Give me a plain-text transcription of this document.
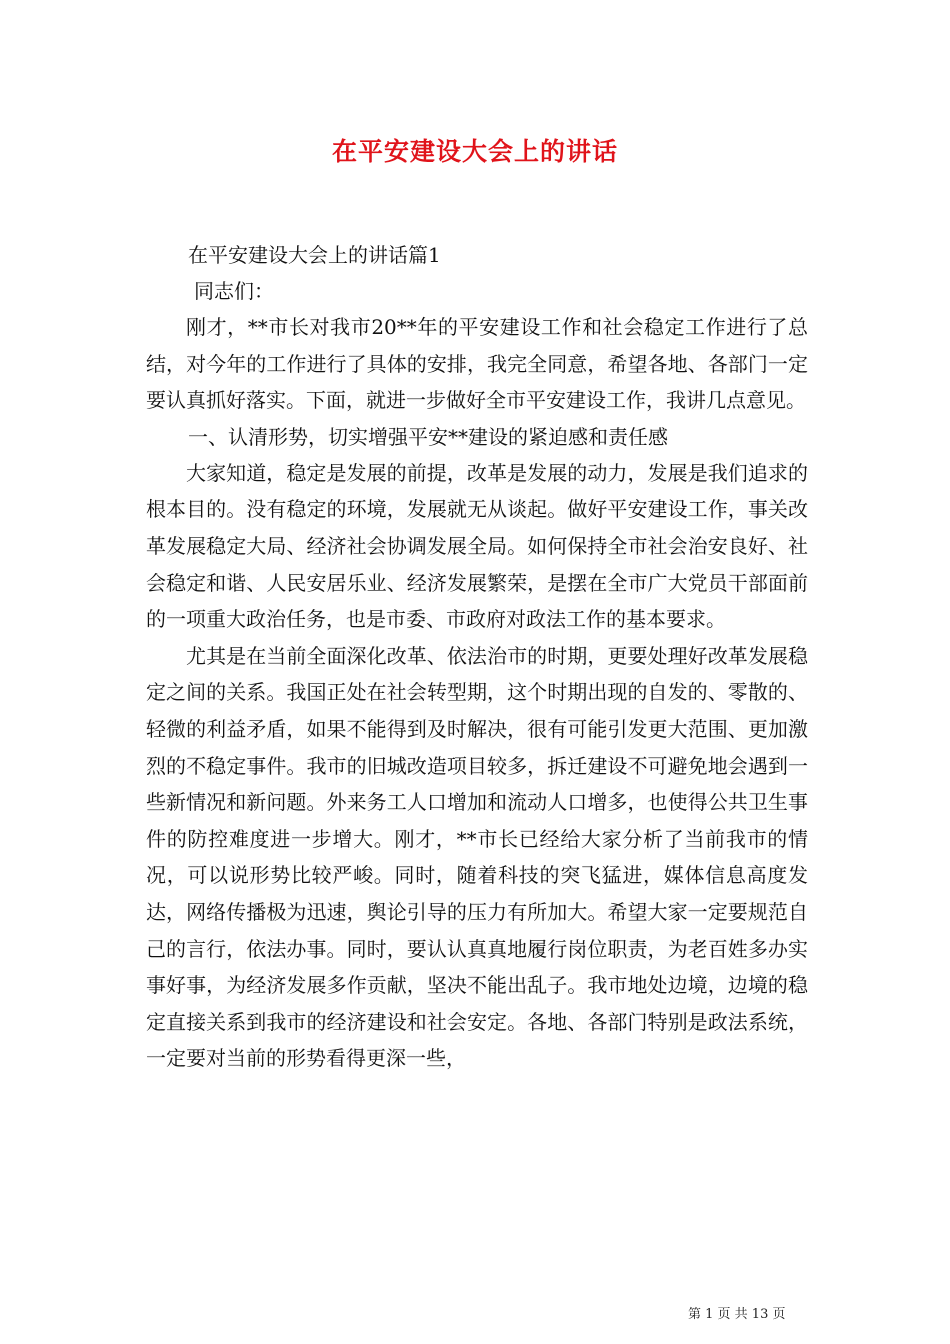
在平安建设大会上的讲话

在平安建设大会上的讲话篇1

同志们：

刚才，**市长对我市20**年的平安建设工作和社会稳定工作进行了总结，对今年的工作进行了具体的安排，我完全同意，希望各地、各部门一定要认真抓好落实。下面，就进一步做好全市平安建设工作，我讲几点意见。

一、认清形势，切实增强平安**建设的紧迫感和责任感

大家知道，稳定是发展的前提，改革是发展的动力，发展是我们追求的根本目的。没有稳定的环境，发展就无从谈起。做好平安建设工作，事关改革发展稳定大局、经济社会协调发展全局。如何保持全市社会治安良好、社会稳定和谐、人民安居乐业、经济发展繁荣，是摆在全市广大党员干部面前的一项重大政治任务，也是市委、市政府对政法工作的基本要求。

尤其是在当前全面深化改革、依法治市的时期，更要处理好改革发展稳定之间的关系。我国正处在社会转型期，这个时期出现的自发的、零散的、轻微的利益矛盾，如果不能得到及时解决，很有可能引发更大范围、更加激烈的不稳定事件。我市的旧城改造项目较多，拆迁建设不可避免地会遇到一些新情况和新问题。外来务工人口增加和流动人口增多，也使得公共卫生事件的防控难度进一步增大。刚才，**市长已经给大家分析了当前我市的情况，可以说形势比较严峻。同时，随着科技的突飞猛进，媒体信息高度发达，网络传播极为迅速，舆论引导的压力有所加大。希望大家一定要规范自己的言行，依法办事。同时，要认认真真地履行岗位职责，为老百姓多办实事好事，为经济发展多作贡献，坚决不能出乱子。我市地处边境，边境的稳定直接关系到我市的经济建设和社会安定。各地、各部门特别是政法系统，一定要对当前的形势看得更深一些，

第 1 页 共 13 页
